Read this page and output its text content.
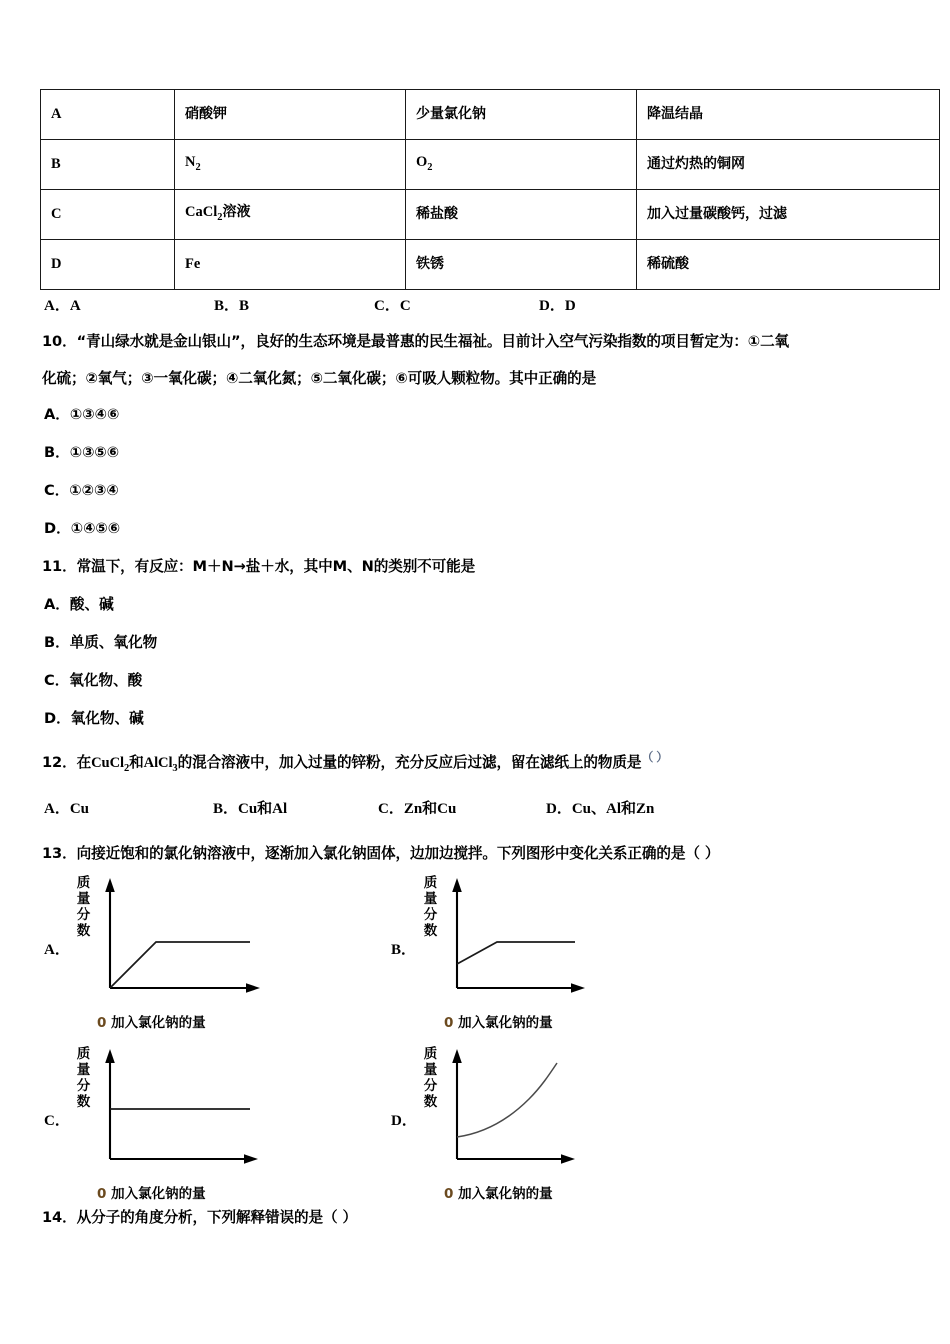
A	硝酸钾	少量氯化钠	降温结晶
B	$N_2$	$O_2$	通过灼热的铜网
C	CaCl$_2$溶液	稀盐酸	加入过量碳酸钙，过滤
D	Fe	铁锈	稀硫酸
A．A	B．B	C．C	D．D
10．“青山绿水就是金山银山”，良好的生态环境是最普惠的民生福祉。目前计入空气污染指数的项目暂定为：①二氧
化硫；②氧气；③一氧化碳；④二氧化氮；⑤二氧化碳；⑥可吸人颗粒物。其中正确的是
A．①③④⑥
B．①③⑤⑥
C．①②③④
D．①④⑤⑥
11．常温下，有反应：M＋N→盐＋水，其中M、N的类别不可能是
A．酸、碱
B．单质、氧化物
C．氧化物、酸
D．氧化物、碱
12．在CuCl$_2$和AlCl$_3$的混合溶液中，加入过量的锌粉，充分反应后过滤，留在滤纸上的物质是（ ）
A．Cu	B．Cu和Al	C．Zn和Cu	D．Cu、Al和Zn
13．向接近饱和的氯化钠溶液中，逐渐加入氯化钠固体，边加边搅拌。下列图形中变化关系正确的是（ ）
A．
质
量
分
数
0 加入氯化钠的量
B．
质
量
分
数
0 加入氯化钠的量
C．
质
量
分
数
0 加入氯化钠的量
D．
质
量
分
数
0 加入氯化钠的量
14．从分子的角度分析，下列解释错误的是（ ）
